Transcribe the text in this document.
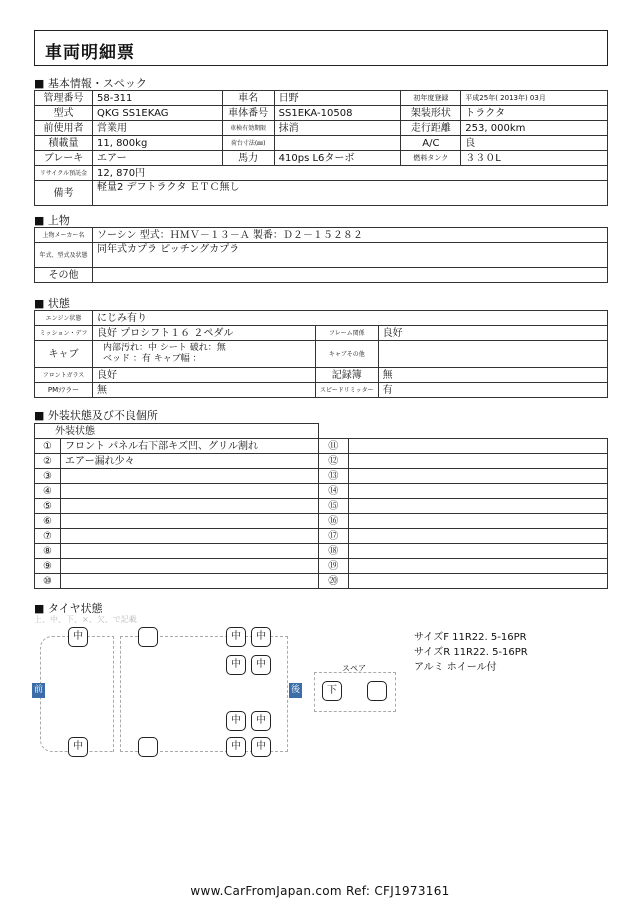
車両明細票
■ 基本情報・スペック
管理番号	58-311	車名	日野	初年度登録	平成25年( 2013年) 03月
型式	QKG SS1EKAG	車体番号	SS1EKA-10508	架装形状	トラクタ
前使用者	営業用	車検有効期限	抹消	走行距離	253, 000km
積載量	11, 800kg	荷台寸法(㎜)		A/C	良
ブレーキ	エアー	馬力	410ps L6ターボ	燃料タンク	３３０L
リサイクル預託金	12, 870円				
備考	軽量2 デフトラクタ ＥＴＣ無し				
■ 上物
上物メーカー名	ソーシン 型式：ＨＭＶ－１３－Ａ 製番：Ｄ２－１５２８２
年式、型式及状態	同年式カプラ ピッチングカプラ
その他	
■ 状態
エンジン状態	にじみ有り		
ミッション・デフ	良好 プロシフト１６ ２ペダル	フレーム関係	良好
キャブ	内部汚れ：中 シート 破れ：無
ベッド ：有 キャブ幅 ：	キャブその他	
フロントガラス	良好	記録簿	無
PMｿﾌラー	無	スピードリミッター	有
■ 外装状態及び不良個所
外装状態			
①	フロント パネル右下部キズ凹、グリル割れ	⑪	
②	エアー漏れ少々	⑫	
③		⑬	
④		⑭	
⑤		⑮	
⑥		⑯	
⑦		⑰	
⑧		⑱	
⑨		⑲	
⑩		⑳	
■ タイヤ状態
上、中、下、×、欠、で記載
前	後
中
中
中	中
中	中
中	中
中	中
スペア
下
サイズF 11R22. 5-16PR
サイズR 11R22. 5-16PR
アルミ ホイール付
www.CarFromJapan.com Ref: CFJ1973161
